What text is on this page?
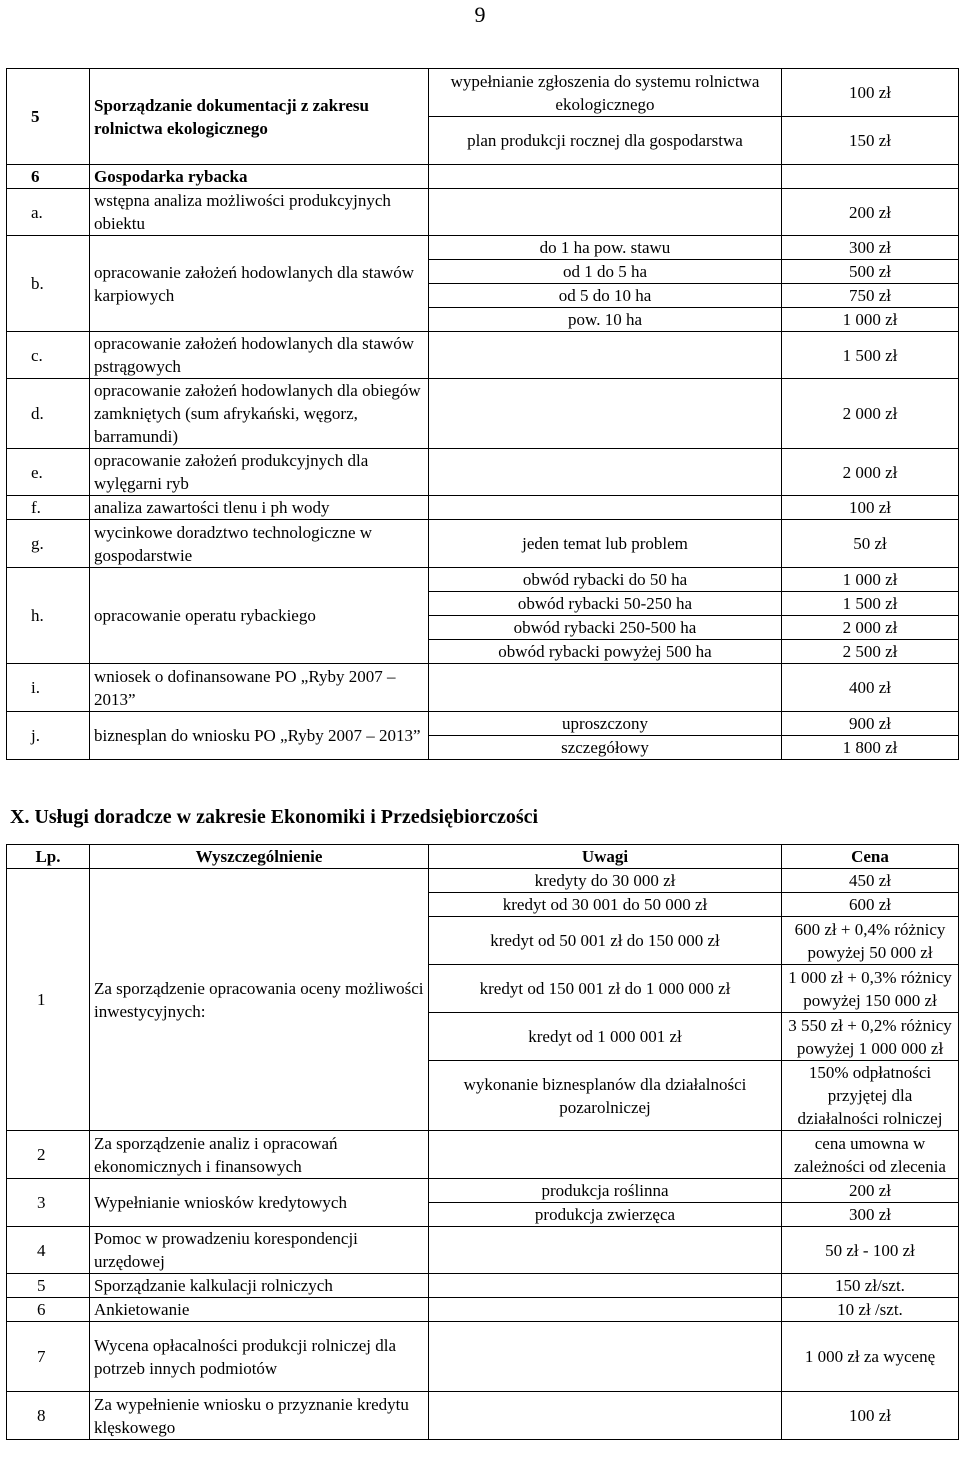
9
5	Sporządzanie dokumentacji z zakresu rolnictwa ekologicznego	wypełnianie zgłoszenia do systemu rolnictwa ekologicznego	100 zł
		plan produkcji rocznej dla gospodarstwa	150 zł
6	Gospodarka rybacka		
a.	wstępna analiza możliwości produkcyjnych obiektu		200 zł
b.	opracowanie założeń hodowlanych dla stawów karpiowych	do 1 ha pow. stawu	300 zł
		od 1 do 5 ha	500 zł
		od 5 do 10 ha	750 zł
		pow. 10 ha	1 000 zł
c.	opracowanie założeń hodowlanych dla stawów pstrągowych		1 500 zł
d.	opracowanie założeń hodowlanych dla obiegów zamkniętych (sum afrykański, węgorz, barramundi)		2 000 zł
e.	opracowanie założeń produkcyjnych dla wylęgarni ryb		2 000 zł
f.	analiza zawartości tlenu i ph wody		100 zł
g.	wycinkowe doradztwo technologiczne w gospodarstwie	jeden temat lub problem	50 zł
h.	opracowanie operatu rybackiego	obwód rybacki do 50 ha	1 000 zł
		obwód rybacki 50-250 ha	1 500 zł
		obwód rybacki 250-500 ha	2 000 zł
		obwód rybacki powyżej 500 ha	2 500 zł
i.	wniosek o dofinansowane PO „Ryby 2007 – 2013”		400 zł
j.	biznesplan do wniosku PO „Ryby 2007 – 2013”	uproszczony	900 zł
		szczegółowy	1 800 zł
X. Usługi doradcze w zakresie Ekonomiki i Przedsiębiorczości
Lp.	Wyszczególnienie	Uwagi	Cena
1	Za sporządzenie opracowania oceny możliwości inwestycyjnych:	kredyty do 30 000 zł	450 zł
		kredyt od 30 001 do 50 000 zł	600 zł
		kredyt od 50 001 zł do 150 000 zł	600 zł + 0,4% różnicy powyżej 50 000 zł
		kredyt od 150 001 zł do 1 000 000 zł	1 000 zł + 0,3% różnicy powyżej 150 000 zł
		kredyt od 1 000 001 zł	3 550 zł + 0,2% różnicy powyżej 1 000 000 zł
		wykonanie biznesplanów dla działalności pozarolniczej	150% odpłatności przyjętej dla działalności rolniczej
2	Za sporządzenie analiz i opracowań ekonomicznych i finansowych		cena umowna w zależności od zlecenia
3	Wypełnianie wniosków kredytowych	produkcja roślinna	200 zł
		produkcja zwierzęca	300 zł
4	Pomoc w prowadzeniu korespondencji urzędowej		50 zł - 100 zł
5	Sporządzanie kalkulacji rolniczych		150 zł/szt.
6	Ankietowanie		10 zł /szt.
7	Wycena opłacalności produkcji rolniczej dla potrzeb innych podmiotów		1 000 zł za wycenę
8	Za wypełnienie wniosku o przyznanie kredytu klęskowego		100 zł
